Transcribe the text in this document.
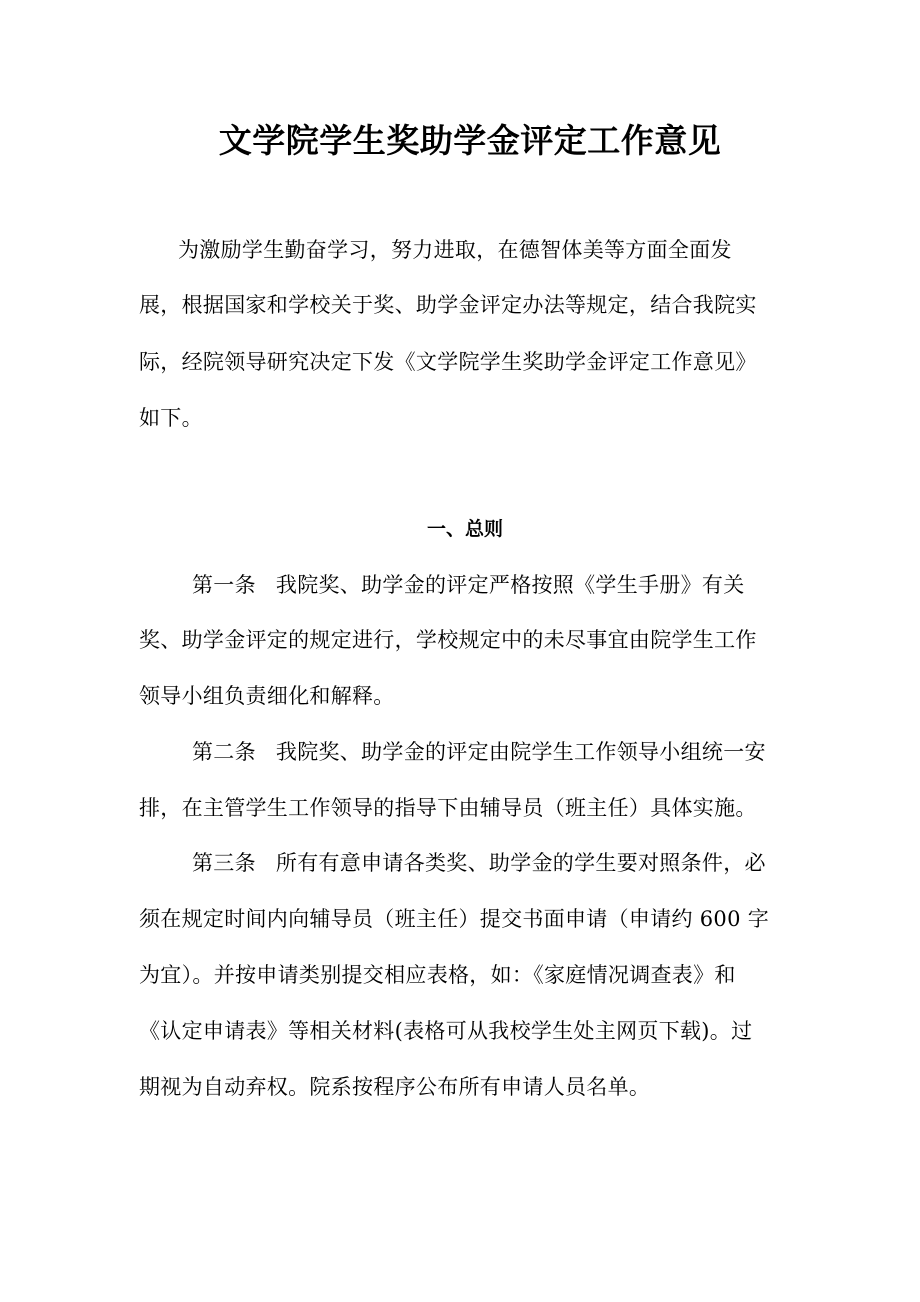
文学院学生奖助学金评定工作意见
为激励学生勤奋学习，努力进取，在德智体美等方面全面发
展，根据国家和学校关于奖、助学金评定办法等规定，结合我院实
际，经院领导研究决定下发《文学院学生奖助学金评定工作意见》
如下。
一、总则
第一条 我院奖、助学金的评定严格按照《学生手册》有关
奖、助学金评定的规定进行，学校规定中的未尽事宜由院学生工作
领导小组负责细化和解释。
第二条 我院奖、助学金的评定由院学生工作领导小组统一安
排，在主管学生工作领导的指导下由辅导员（班主任）具体实施。
第三条 所有有意申请各类奖、助学金的学生要对照条件，必
须在规定时间内向辅导员（班主任）提交书面申请（申请约 600 字
为宜）。并按申请类别提交相应表格，如：《家庭情况调查表》和
《认定申请表》等相关材料(表格可从我校学生处主网页下载)。过
期视为自动弃权。院系按程序公布所有申请人员名单。
